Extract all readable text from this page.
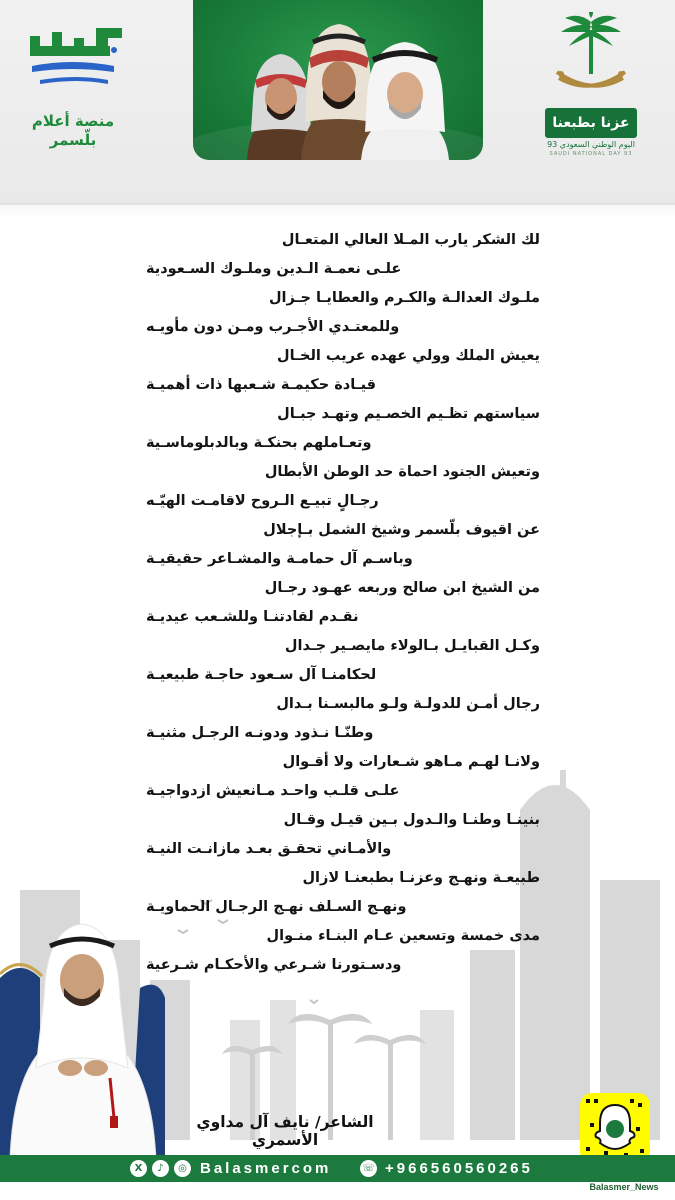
منصة أعلام
بلّسمر
عزنا بطبعنا
اليوم الوطني السعودي 93
SAUDI NATIONAL DAY 93
لك الشكر يارب المـلا العالي المتعـال
علـى نعمـة الـدين وملـوك السـعودية
ملـوك العدالـة والكـرم والعطايـا جـزال
وللمعتـدي الأجـرب ومـن دون مأويـه
يعيش الملك وولي عهده عريب الخـال
قيـادة حكيمـة شـعبها ذات أهميـة
سياستهم تظـيم الخصـيم وتهـد جبـال
وتعـاملهم بحنكـة وبالدبلوماسـية
وتعيش الجنود احماة حد الوطن الأبطال
رجـالٍ تبيـع الـروح لاقامـت الهيّـه
عن اقيوف بلّسمر وشيخ الشمل بـإجلال
وباسـم آل حمامـة والمشـاعر حقيقيـة
من الشيخ ابن صالح وربعه عهـود رجـال
نقـدم لقادتنـا وللشـعب عيديـة
وكـل القبايـل بـالولاء مايصـير جـدال
لحكامنـا آل سـعود حاجـة طبيعيـة
رجال أمـن للدولـة ولـو مالبسـنا بـدال
وطنّـا نـذود ودونـه الرجـل مثنيـة
ولانـا لهـم مـاهو شـعارات ولا أقـوال
علـى قلـب واحـد مـانعيش ازدواجيـة
بنينـا وطنـا والـدول بـين قيـل وقـال
والأمـاني تحقـق بعـد مازانـت النيـة
طبيعـة ونهـج وعزنـا بطبعنـا لازال
ونهـج السـلف نهـج الرجـال الحماويـة
مدى خمسة وتسعين عـام البنـاء منـوال
ودسـتورنا شـرعي والأحكـام شـرعية
الشاعر/ نايف آل مداوي الأسمري
X	♪	◎ Balasmercom	☏ +966560560265
Balasmer_News
